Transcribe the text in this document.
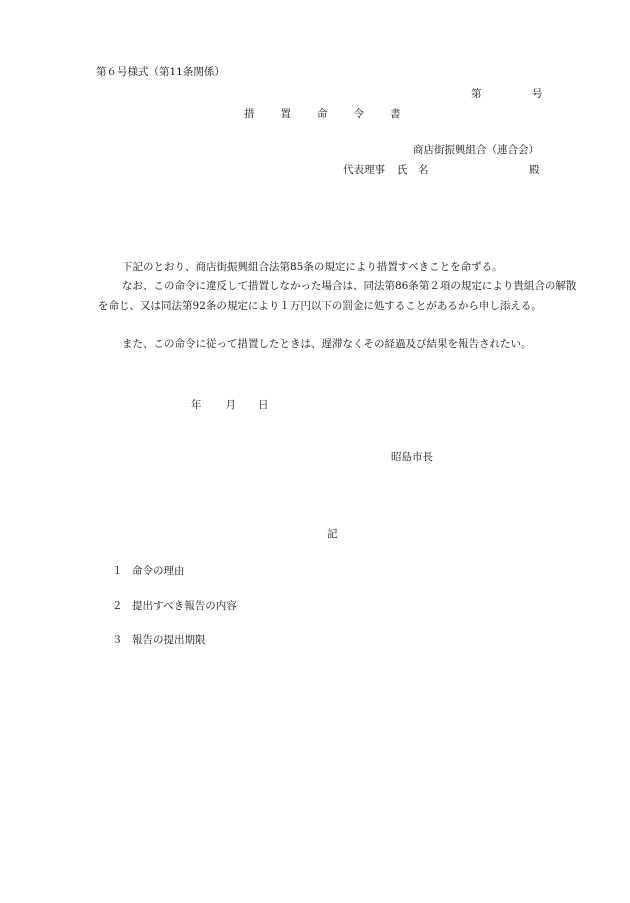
第６号様式（第11条関係）
第	号
措置命令書
商店街振興組合（連合会）
代表理事 氏　名	殿

下記のとおり、商店街振興組合法第85条の規定により措置すべきことを命ずる。

なお、この命令に違反して措置しなかった場合は、同法第86条第２項の規定により貴組合の解散を命じ、又は同法第92条の規定により１万円以下の罰金に処することがあるから申し添える。

また、この命令に従って措置したときは、遅滞なくその経過及び結果を報告されたい。

年 月 日
昭島市長
記
１ 命令の理由
２ 提出すべき報告の内容
３ 報告の提出期限
